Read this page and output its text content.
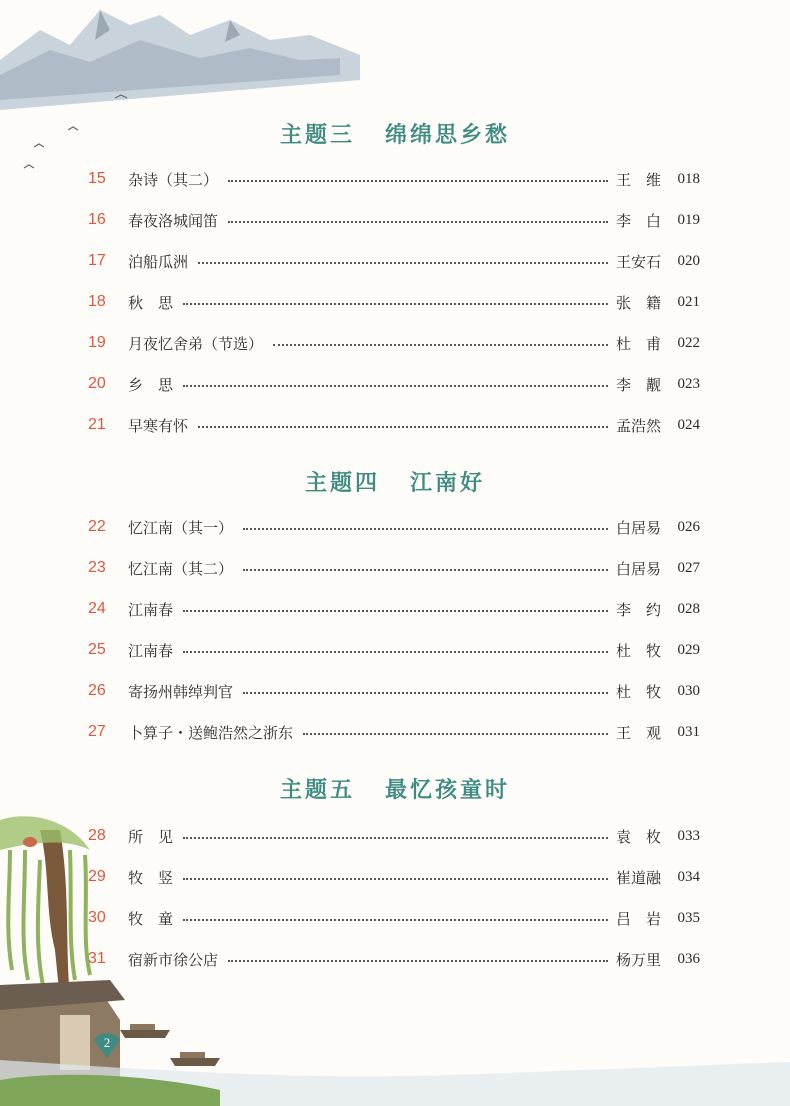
主题三 绵绵思乡愁
15	杂诗（其二）	王　维	018
16	春夜洛城闻笛	李　白	019
17	泊船瓜洲	王安石	020
18	秋　思	张　籍	021
19	月夜忆舍弟（节选）	杜　甫	022
20	乡　思	李　觏	023
21	早寒有怀	孟浩然	024
主题四 江南好
22	忆江南（其一）	白居易	026
23	忆江南（其二）	白居易	027
24	江南春	李　约	028
25	江南春	杜　牧	029
26	寄扬州韩绰判官	杜　牧	030
27	卜算子・送鲍浩然之浙东	王　观	031
主题五 最忆孩童时
28	所　见	袁　枚	033
29	牧　竖	崔道融	034
30	牧　童	吕　岩	035
31	宿新市徐公店	杨万里	036
2
